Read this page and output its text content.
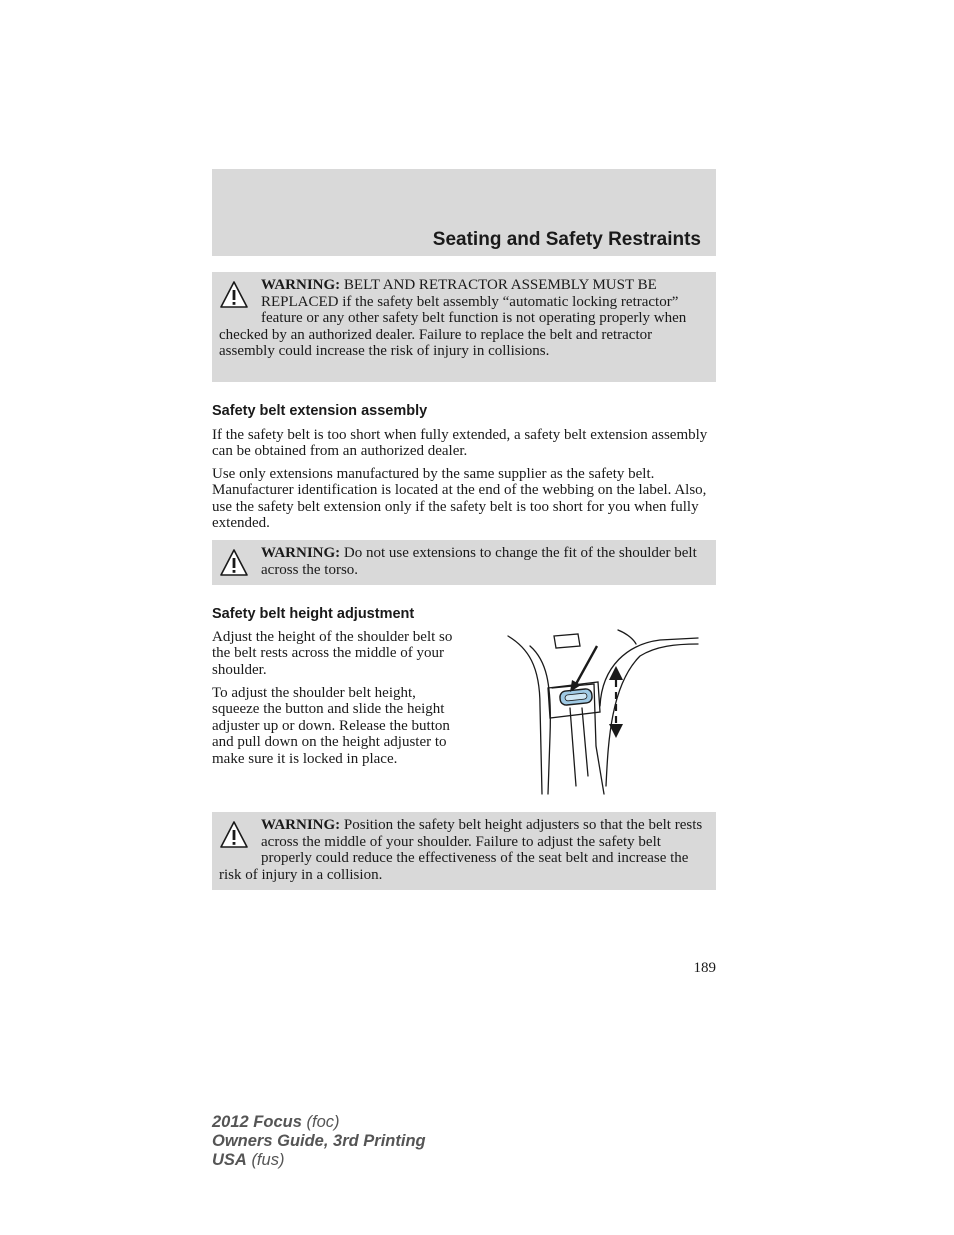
Seating and Safety Restraints
WARNING: BELT AND RETRACTOR ASSEMBLY MUST BE REPLACED if the safety belt assembly “automatic locking retractor” feature or any other safety belt function is not operating properly when checked by an authorized dealer. Failure to replace the belt and retractor assembly could increase the risk of injury in collisions.
Safety belt extension assembly

If the safety belt is too short when fully extended, a safety belt extension assembly can be obtained from an authorized dealer.

Use only extensions manufactured by the same supplier as the safety belt. Manufacturer identification is located at the end of the webbing on the label. Also, use the safety belt extension only if the safety belt is too short for you when fully extended.

WARNING: Do not use extensions to change the fit of the shoulder belt across the torso.
Safety belt height adjustment

Adjust the height of the shoulder belt so the belt rests across the middle of your shoulder.

To adjust the shoulder belt height, squeeze the button and slide the height adjuster up or down. Release the button and pull down on the height adjuster to make sure it is locked in place.

WARNING: Position the safety belt height adjusters so that the belt rests across the middle of your shoulder. Failure to adjust the safety belt properly could reduce the effectiveness of the seat belt and increase the risk of injury in a collision.
189
2012 Focus (foc)
Owners Guide, 3rd Printing
USA (fus)
